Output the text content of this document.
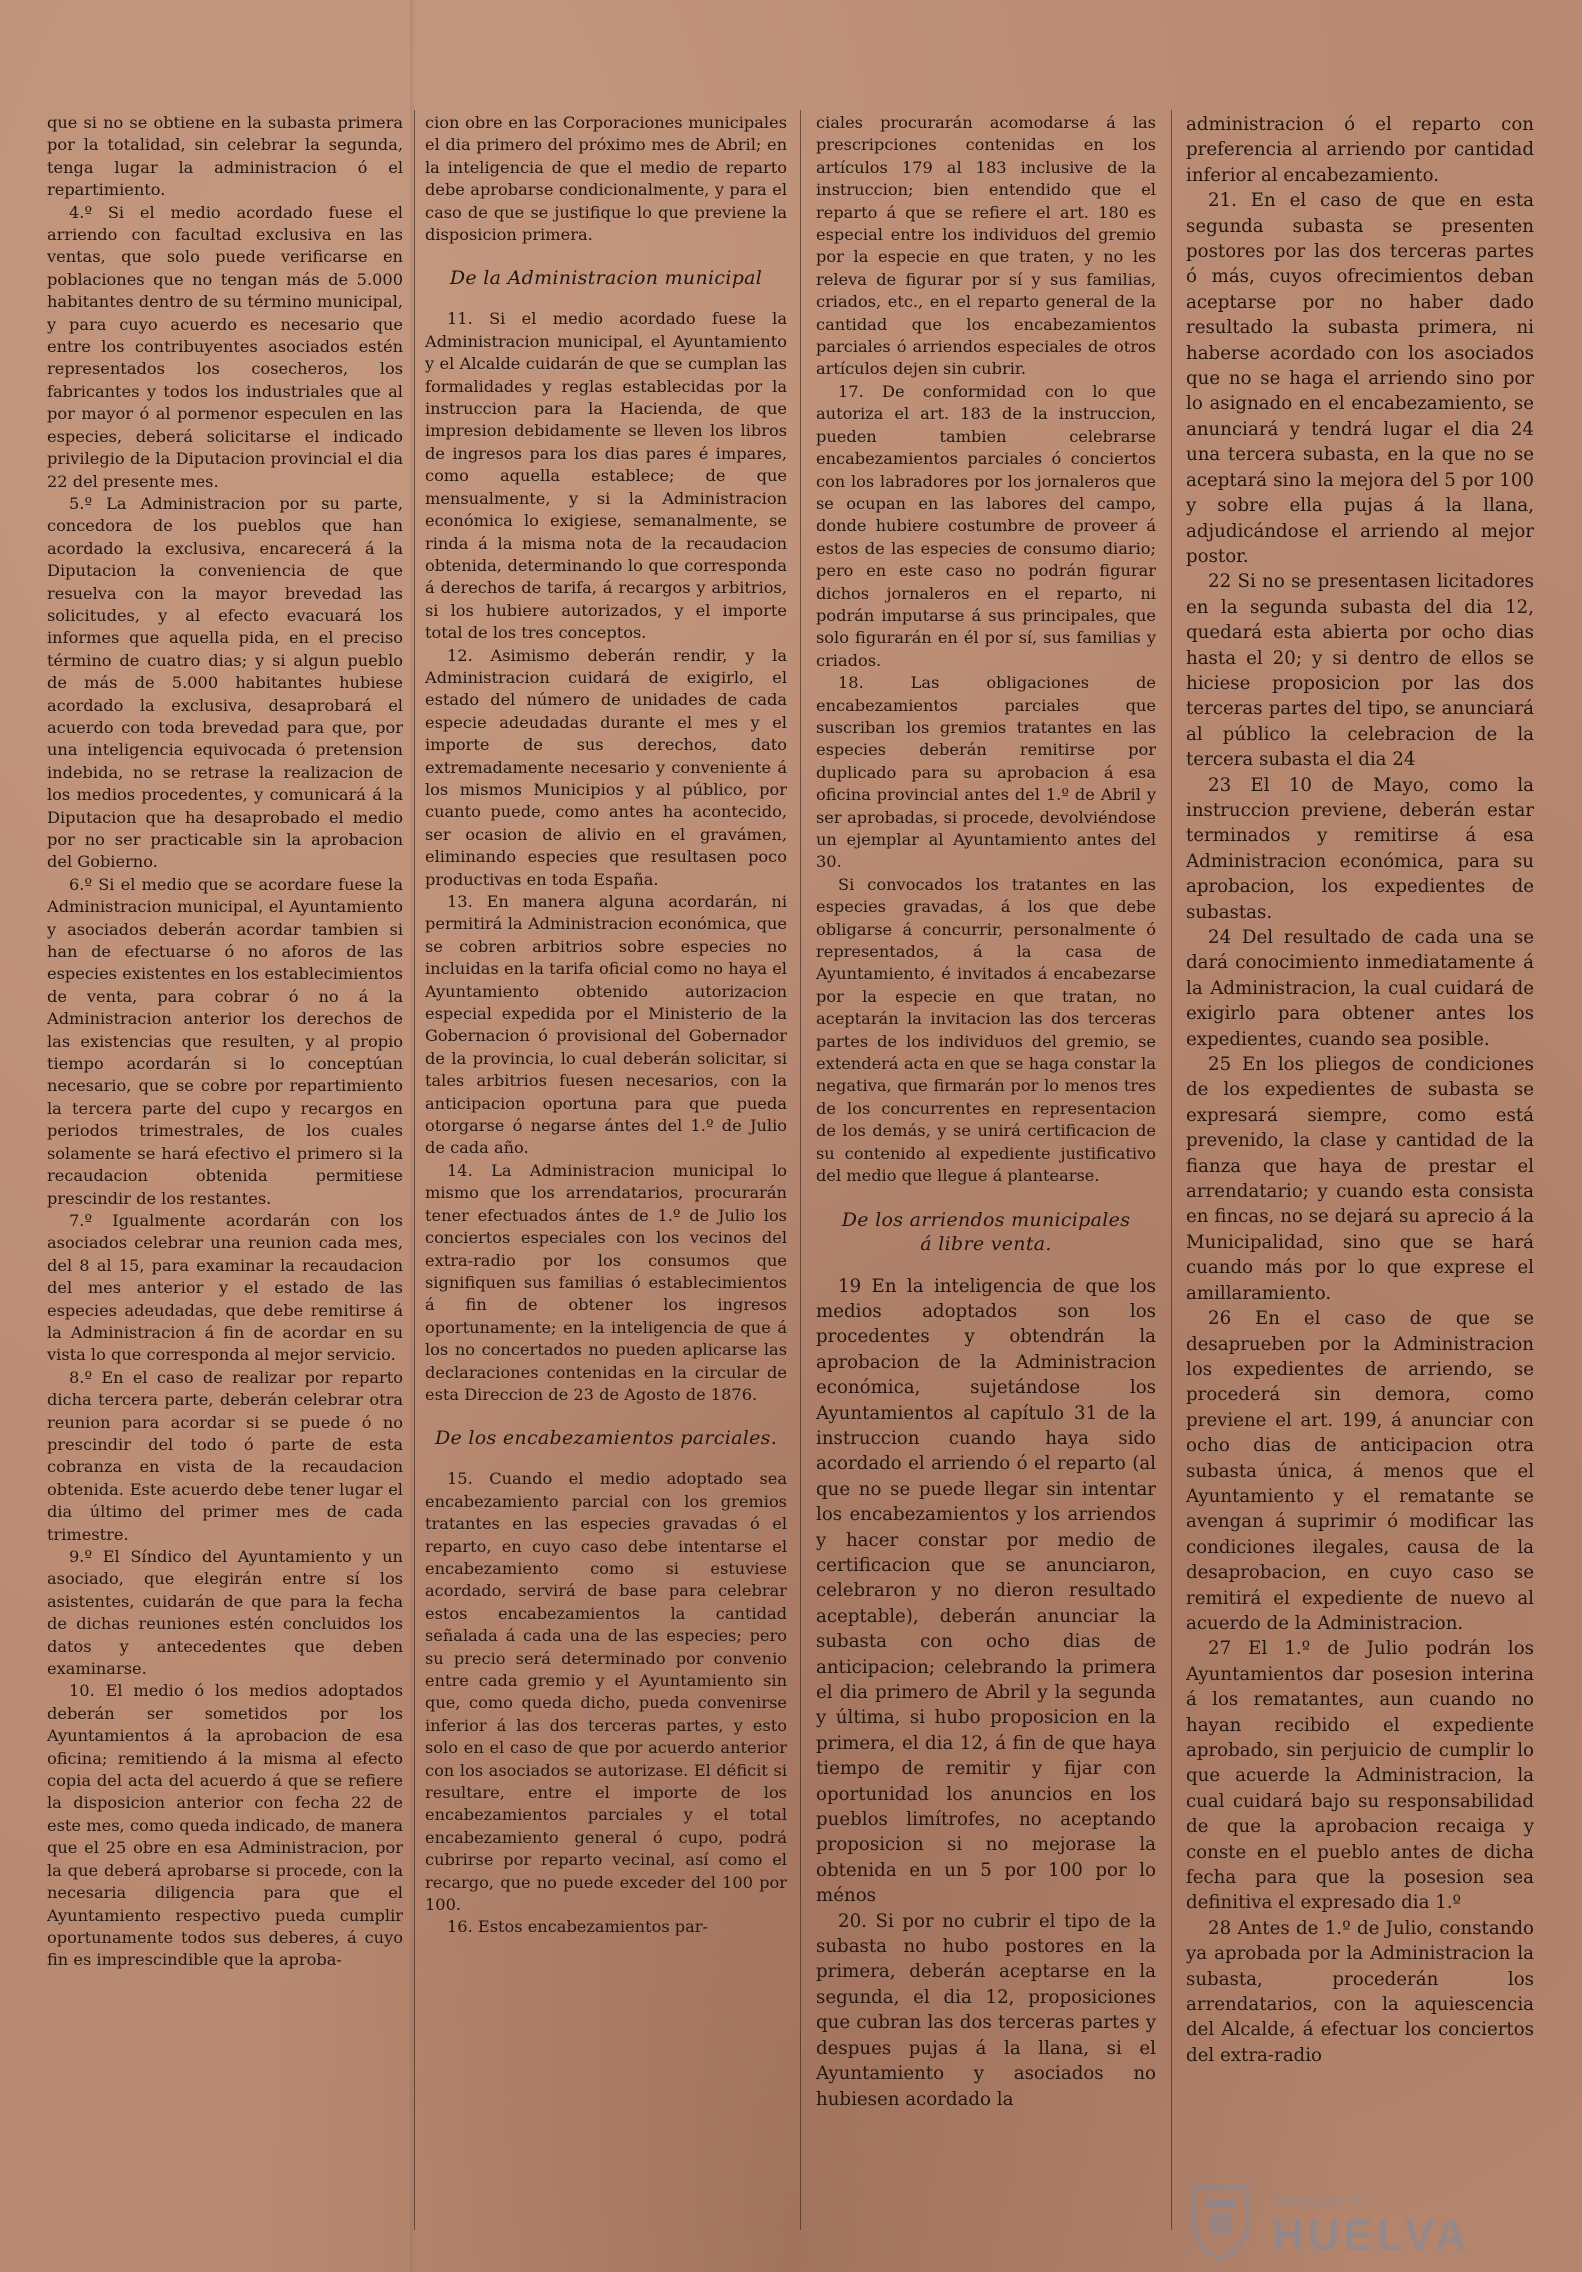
que si no se obtiene en la subasta primera por la totalidad, sin celebrar la segunda, tenga lugar la administracion ó el repartimiento.

4.º Si el medio acordado fuese el arriendo con facultad exclusiva en las ventas, que solo puede verificarse en poblaciones que no tengan más de 5.000 habitantes dentro de su término municipal, y para cuyo acuerdo es necesario que entre los contribuyentes asociados estén representados los cosecheros, los fabricantes y todos los industriales que al por mayor ó al pormenor especulen en las especies, deberá solicitarse el indicado privilegio de la Diputacion provincial el dia 22 del presente mes.

5.º La Administracion por su parte, concedora de los pueblos que han acordado la exclusiva, encarecerá á la Diputacion la conveniencia de que resuelva con la mayor brevedad las solicitudes, y al efecto evacuará los informes que aquella pida, en el preciso término de cuatro dias; y si algun pueblo de más de 5.000 habitantes hubiese acordado la exclusiva, desaprobará el acuerdo con toda brevedad para que, por una inteligencia equivocada ó pretension indebida, no se retrase la realizacion de los medios procedentes, y comunicará á la Diputacion que ha desaprobado el medio por no ser practicable sin la aprobacion del Gobierno.

6.º Si el medio que se acordare fuese la Administracion municipal, el Ayuntamiento y asociados deberán acordar tambien si han de efectuarse ó no aforos de las especies existentes en los establecimientos de venta, para cobrar ó no á la Administracion anterior los derechos de las existencias que resulten, y al propio tiempo acordarán si lo conceptúan necesario, que se cobre por repartimiento la tercera parte del cupo y recargos en periodos trimestrales, de los cuales solamente se hará efectivo el primero si la recaudacion obtenida permitiese prescindir de los restantes.

7.º Igualmente acordarán con los asociados celebrar una reunion cada mes, del 8 al 15, para examinar la recaudacion del mes anterior y el estado de las especies adeudadas, que debe remitirse á la Administracion á fin de acordar en su vista lo que corresponda al mejor servicio.

8.º En el caso de realizar por reparto dicha tercera parte, deberán celebrar otra reunion para acordar si se puede ó no prescindir del todo ó parte de esta cobranza en vista de la recaudacion obtenida. Este acuerdo debe tener lugar el dia último del primer mes de cada trimestre.

9.º El Síndico del Ayuntamiento y un asociado, que elegirán entre sí los asistentes, cuidarán de que para la fecha de dichas reuniones estén concluidos los datos y antecedentes que deben examinarse.

10. El medio ó los medios adoptados deberán ser sometidos por los Ayuntamientos á la aprobacion de esa oficina; remitiendo á la misma al efecto copia del acta del acuerdo á que se refiere la disposicion anterior con fecha 22 de este mes, como queda indicado, de manera que el 25 obre en esa Administracion, por la que deberá aprobarse si procede, con la necesaria diligencia para que el Ayuntamiento respectivo pueda cumplir oportunamente todos sus deberes, á cuyo fin es imprescindible que la aproba-

cion obre en las Corporaciones municipales el dia primero del próximo mes de Abril; en la inteligencia de que el medio de reparto debe aprobarse condicionalmente, y para el caso de que se justifique lo que previene la disposicion primera.

De la Administracion municipal

11. Si el medio acordado fuese la Administracion municipal, el Ayuntamiento y el Alcalde cuidarán de que se cumplan las formalidades y reglas establecidas por la instruccion para la Hacienda, de que impresion debidamente se lleven los libros de ingresos para los dias pares é impares, como aquella establece; de que mensualmente, y si la Administracion económica lo exigiese, semanalmente, se rinda á la misma nota de la recaudacion obtenida, determinando lo que corresponda á derechos de tarifa, á recargos y arbitrios, si los hubiere autorizados, y el importe total de los tres conceptos.

12. Asimismo deberán rendir, y la Administracion cuidará de exigirlo, el estado del número de unidades de cada especie adeudadas durante el mes y el importe de sus derechos, dato extremadamente necesario y conveniente á los mismos Municipios y al público, por cuanto puede, como antes ha acontecido, ser ocasion de alivio en el gravámen, eliminando especies que resultasen poco productivas en toda España.

13. En manera alguna acordarán, ni permitirá la Administracion económica, que se cobren arbitrios sobre especies no incluidas en la tarifa oficial como no haya el Ayuntamiento obtenido autorizacion especial expedida por el Ministerio de la Gobernacion ó provisional del Gobernador de la provincia, lo cual deberán solicitar, si tales arbitrios fuesen necesarios, con la anticipacion oportuna para que pueda otorgarse ó negarse ántes del 1.º de Julio de cada año.

14. La Administracion municipal lo mismo que los arrendatarios, procurarán tener efectuados ántes de 1.º de Julio los conciertos especiales con los vecinos del extra-radio por los consumos que signifiquen sus familias ó establecimientos á fin de obtener los ingresos oportunamente; en la inteligencia de que á los no concertados no pueden aplicarse las declaraciones contenidas en la circular de esta Direccion de 23 de Agosto de 1876.

De los encabezamientos parciales.

15. Cuando el medio adoptado sea encabezamiento parcial con los gremios tratantes en las especies gravadas ó el reparto, en cuyo caso debe intentarse el encabezamiento como si estuviese acordado, servirá de base para celebrar estos encabezamientos la cantidad señalada á cada una de las especies; pero su precio será determinado por convenio entre cada gremio y el Ayuntamiento sin que, como queda dicho, pueda convenirse inferior á las dos terceras partes, y esto solo en el caso de que por acuerdo anterior con los asociados se autorizase. El déficit si resultare, entre el importe de los encabezamientos parciales y el total encabezamiento general ó cupo, podrá cubrirse por reparto vecinal, así como el recargo, que no puede exceder del 100 por 100.

16. Estos encabezamientos par-

ciales procurarán acomodarse á las prescripciones contenidas en los artículos 179 al 183 inclusive de la instruccion; bien entendido que el reparto á que se refiere el art. 180 es especial entre los individuos del gremio por la especie en que traten, y no les releva de figurar por sí y sus familias, criados, etc., en el reparto general de la cantidad que los encabezamientos parciales ó arriendos especiales de otros artículos dejen sin cubrir.

17. De conformidad con lo que autoriza el art. 183 de la instruccion, pueden tambien celebrarse encabezamientos parciales ó conciertos con los labradores por los jornaleros que se ocupan en las labores del campo, donde hubiere costumbre de proveer á estos de las especies de consumo diario; pero en este caso no podrán figurar dichos jornaleros en el reparto, ni podrán imputarse á sus principales, que solo figurarán en él por sí, sus familias y criados.

18. Las obligaciones de encabezamientos parciales que suscriban los gremios tratantes en las especies deberán remitirse por duplicado para su aprobacion á esa oficina provincial antes del 1.º de Abril y ser aprobadas, si procede, devolviéndose un ejemplar al Ayuntamiento antes del 30.

Si convocados los tratantes en las especies gravadas, á los que debe obligarse á concurrir, personalmente ó representados, á la casa de Ayuntamiento, é invitados á encabezarse por la especie en que tratan, no aceptarán la invitacion las dos terceras partes de los individuos del gremio, se extenderá acta en que se haga constar la negativa, que firmarán por lo menos tres de los concurrentes en representacion de los demás, y se unirá certificacion de su contenido al expediente justificativo del medio que llegue á plantearse.

De los arriendos municipales
á libre venta.

19 En la inteligencia de que los medios adoptados son los procedentes y obtendrán la aprobacion de la Administracion económica, sujetándose los Ayuntamientos al capítulo 31 de la instruccion cuando haya sido acordado el arriendo ó el reparto (al que no se puede llegar sin intentar los encabezamientos y los arriendos y hacer constar por medio de certificacion que se anunciaron, celebraron y no dieron resultado aceptable), deberán anunciar la subasta con ocho dias de anticipacion; celebrando la primera el dia primero de Abril y la segunda y última, si hubo proposicion en la primera, el dia 12, á fin de que haya tiempo de remitir y fijar con oportunidad los anuncios en los pueblos limítrofes, no aceptando proposicion si no mejorase la obtenida en un 5 por 100 por lo ménos

20. Si por no cubrir el tipo de la subasta no hubo postores en la primera, deberán aceptarse en la segunda, el dia 12, proposiciones que cubran las dos terceras partes y despues pujas á la llana, si el Ayuntamiento y asociados no hubiesen acordado la

administracion ó el reparto con preferencia al arriendo por cantidad inferior al encabezamiento.

21. En el caso de que en esta segunda subasta se presenten postores por las dos terceras partes ó más, cuyos ofrecimientos deban aceptarse por no haber dado resultado la subasta primera, ni haberse acordado con los asociados que no se haga el arriendo sino por lo asignado en el encabezamiento, se anunciará y tendrá lugar el dia 24 una tercera subasta, en la que no se aceptará sino la mejora del 5 por 100 y sobre ella pujas á la llana, adjudicándose el arriendo al mejor postor.

22 Si no se presentasen licitadores en la segunda subasta del dia 12, quedará esta abierta por ocho dias hasta el 20; y si dentro de ellos se hiciese proposicion por las dos terceras partes del tipo, se anunciará al público la celebracion de la tercera subasta el dia 24

23 El 10 de Mayo, como la instruccion previene, deberán estar terminados y remitirse á esa Administracion económica, para su aprobacion, los expedientes de subastas.

24 Del resultado de cada una se dará conocimiento inmediatamente á la Administracion, la cual cuidará de exigirlo para obtener antes los expedientes, cuando sea posible.

25 En los pliegos de condiciones de los expedientes de subasta se expresará siempre, como está prevenido, la clase y cantidad de la fianza que haya de prestar el arrendatario; y cuando esta consista en fincas, no se dejará su aprecio á la Municipalidad, sino que se hará cuando más por lo que exprese el amillaramiento.

26 En el caso de que se desaprueben por la Administracion los expedientes de arriendo, se procederá sin demora, como previene el art. 199, á anunciar con ocho dias de anticipacion otra subasta única, á menos que el Ayuntamiento y el rematante se avengan á suprimir ó modificar las condiciones ilegales, causa de la desaprobacion, en cuyo caso se remitirá el expediente de nuevo al acuerdo de la Administracion.

27 El 1.º de Julio podrán los Ayuntamientos dar posesion interina á los rematantes, aun cuando no hayan recibido el expediente aprobado, sin perjuicio de cumplir lo que acuerde la Administracion, la cual cuidará bajo su responsabilidad de que la aprobacion recaiga y conste en el pueblo antes de dicha fecha para que la posesion sea definitiva el expresado dia 1.º

28 Antes de 1.º de Julio, constando ya aprobada por la Administracion la subasta, procederán los arrendatarios, con la aquiescencia del Alcalde, á efectuar los conciertos del extra-radio

Diputación de
HUELVA
